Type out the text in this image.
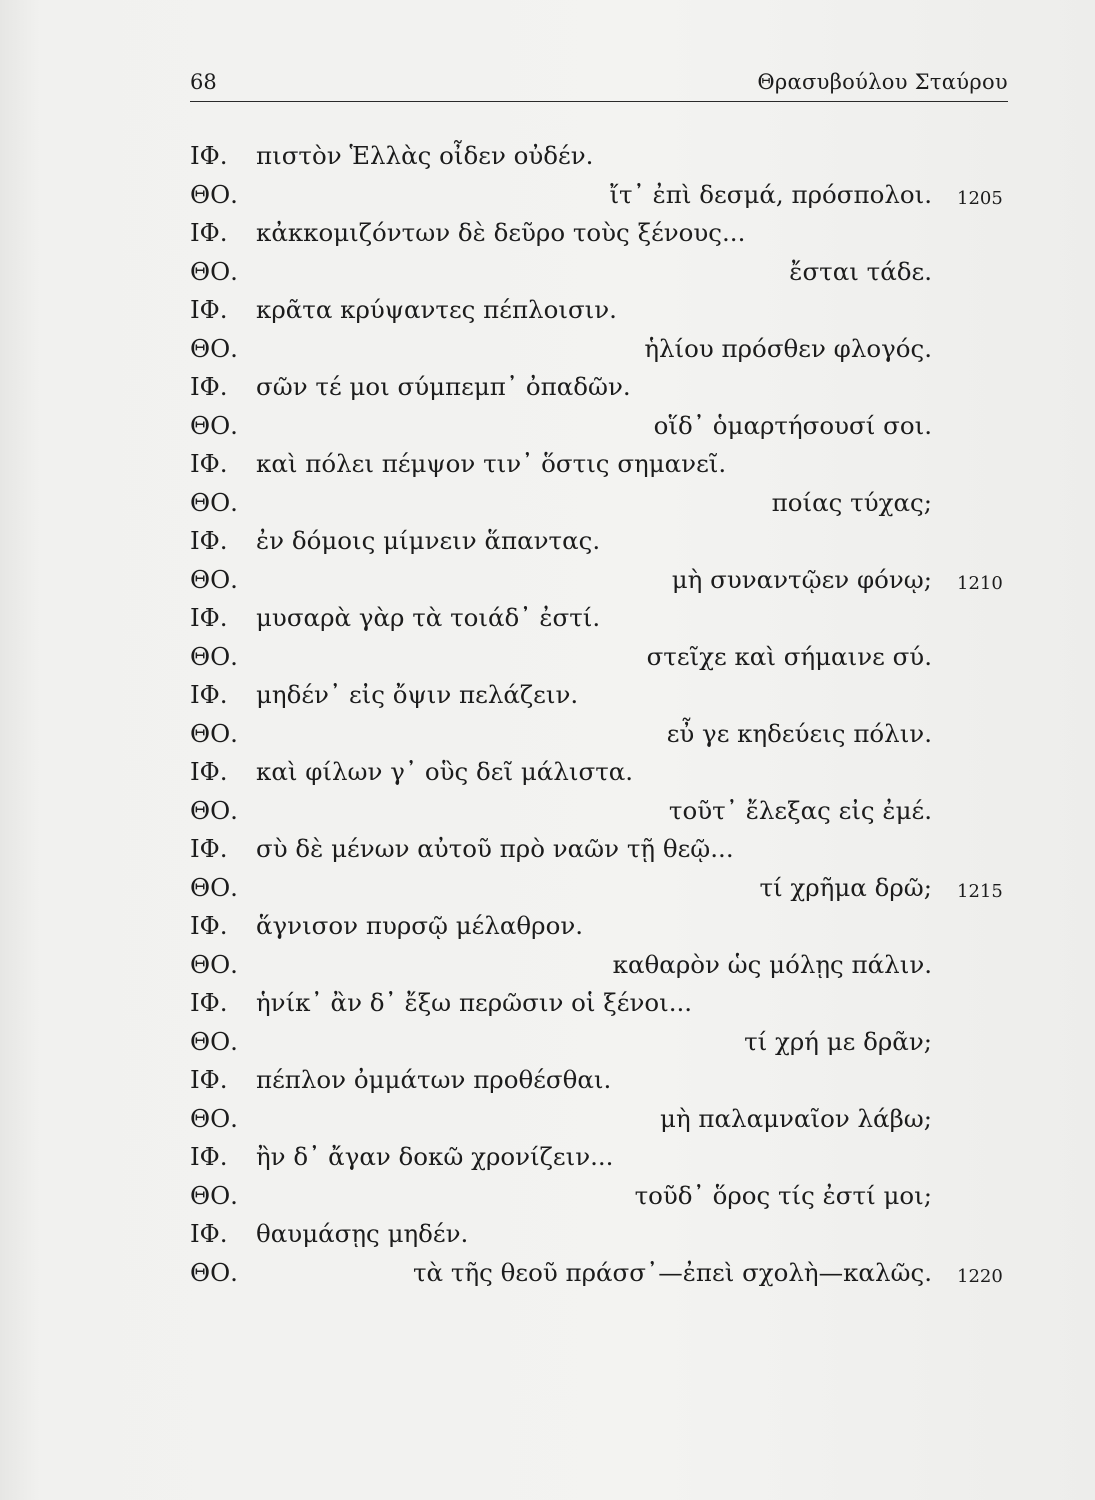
68	Θρασυβούλου Σταύρου
ΙΦ.	πιστὸν Ἑλλὰς οἶδεν οὐδέν.
ΘΟ.	ἴτ᾽ ἐπὶ δεσμά, πρόσπολοι. 1205
ΙΦ.	κἀκκομιζόντων δὲ δεῦρο τοὺς ξένους...
ΘΟ.	ἔσται τάδε.
ΙΦ.	κρᾶτα κρύψαντες πέπλοισιν.
ΘΟ.	ἡλίου πρόσθεν φλογός.
ΙΦ.	σῶν τέ μοι σύμπεμπ᾽ ὀπαδῶν.
ΘΟ.	οἵδ᾽ ὁμαρτήσουσί σοι.
ΙΦ.	καὶ πόλει πέμψον τιν᾽ ὅστις σημανεῖ.
ΘΟ.	ποίας τύχας;
ΙΦ.	ἐν δόμοις μίμνειν ἅπαντας.
ΘΟ.	μὴ συναντῷεν φόνῳ; 1210
ΙΦ.	μυσαρὰ γὰρ τὰ τοιάδ᾽ ἐστί.
ΘΟ.	στεῖχε καὶ σήμαινε σύ.
ΙΦ.	μηδέν᾽ εἰς ὄψιν πελάζειν.
ΘΟ.	εὖ γε κηδεύεις πόλιν.
ΙΦ.	καὶ φίλων γ᾽ οὓς δεῖ μάλιστα.
ΘΟ.	τοῦτ᾽ ἔλεξας εἰς ἐμέ.
ΙΦ.	σὺ δὲ μένων αὐτοῦ πρὸ ναῶν τῇ θεῷ...
ΘΟ.	τί χρῆμα δρῶ; 1215
ΙΦ.	ἅγνισον πυρσῷ μέλαθρον.
ΘΟ.	καθαρὸν ὡς μόλῃς πάλιν.
ΙΦ.	ἡνίκ᾽ ἂν δ᾽ ἔξω περῶσιν οἱ ξένοι...
ΘΟ.	τί χρή με δρᾶν;
ΙΦ.	πέπλον ὀμμάτων προθέσθαι.
ΘΟ.	μὴ παλαμναῖον λάβω;
ΙΦ.	ἢν δ᾽ ἄγαν δοκῶ χρονίζειν...
ΘΟ.	τοῦδ᾽ ὅρος τίς ἐστί μοι;
ΙΦ.	θαυμάσῃς μηδέν.
ΘΟ.	τὰ τῆς θεοῦ πράσσ᾽—ἐπεὶ σχολὴ—καλῶς. 1220
